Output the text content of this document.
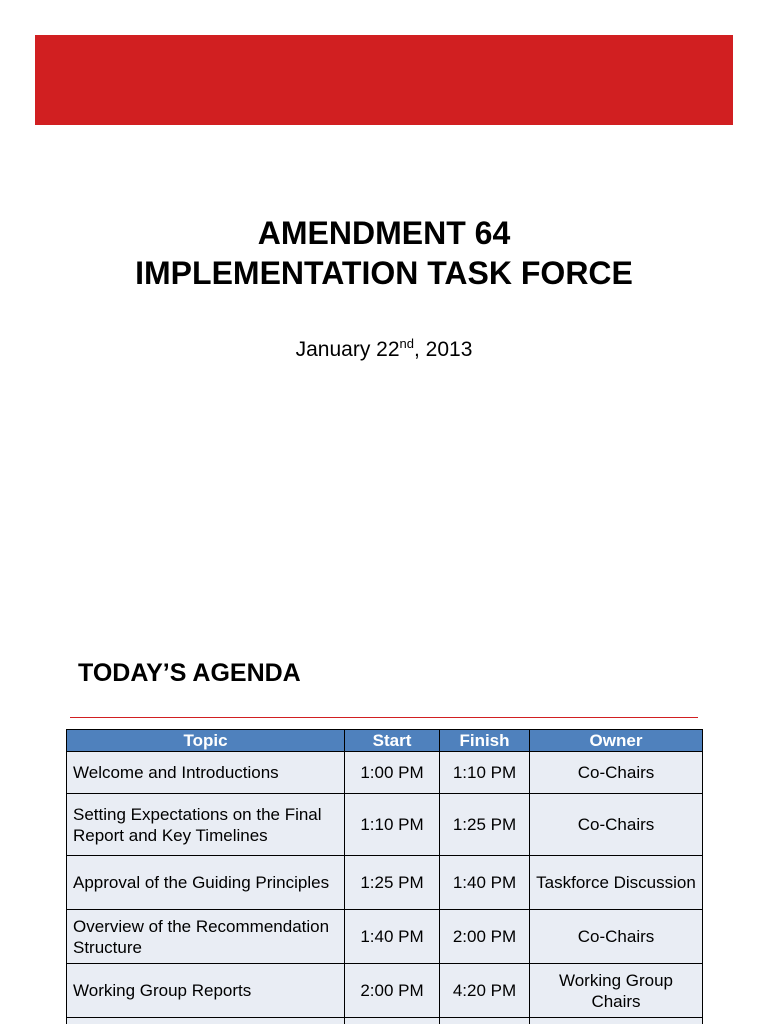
AMENDMENT 64
IMPLEMENTATION TASK FORCE
January 22nd, 2013
TODAY’S AGENDA
Topic	Start	Finish	Owner
Welcome and Introductions	1:00 PM	1:10 PM	Co-Chairs
Setting Expectations on the Final Report and Key Timelines	1:10 PM	1:25 PM	Co-Chairs
Approval of the Guiding Principles	1:25 PM	1:40 PM	Taskforce Discussion
Overview of the Recommendation Structure	1:40 PM	2:00 PM	Co-Chairs
Working Group Reports	2:00 PM	4:20 PM	Working Group Chairs
